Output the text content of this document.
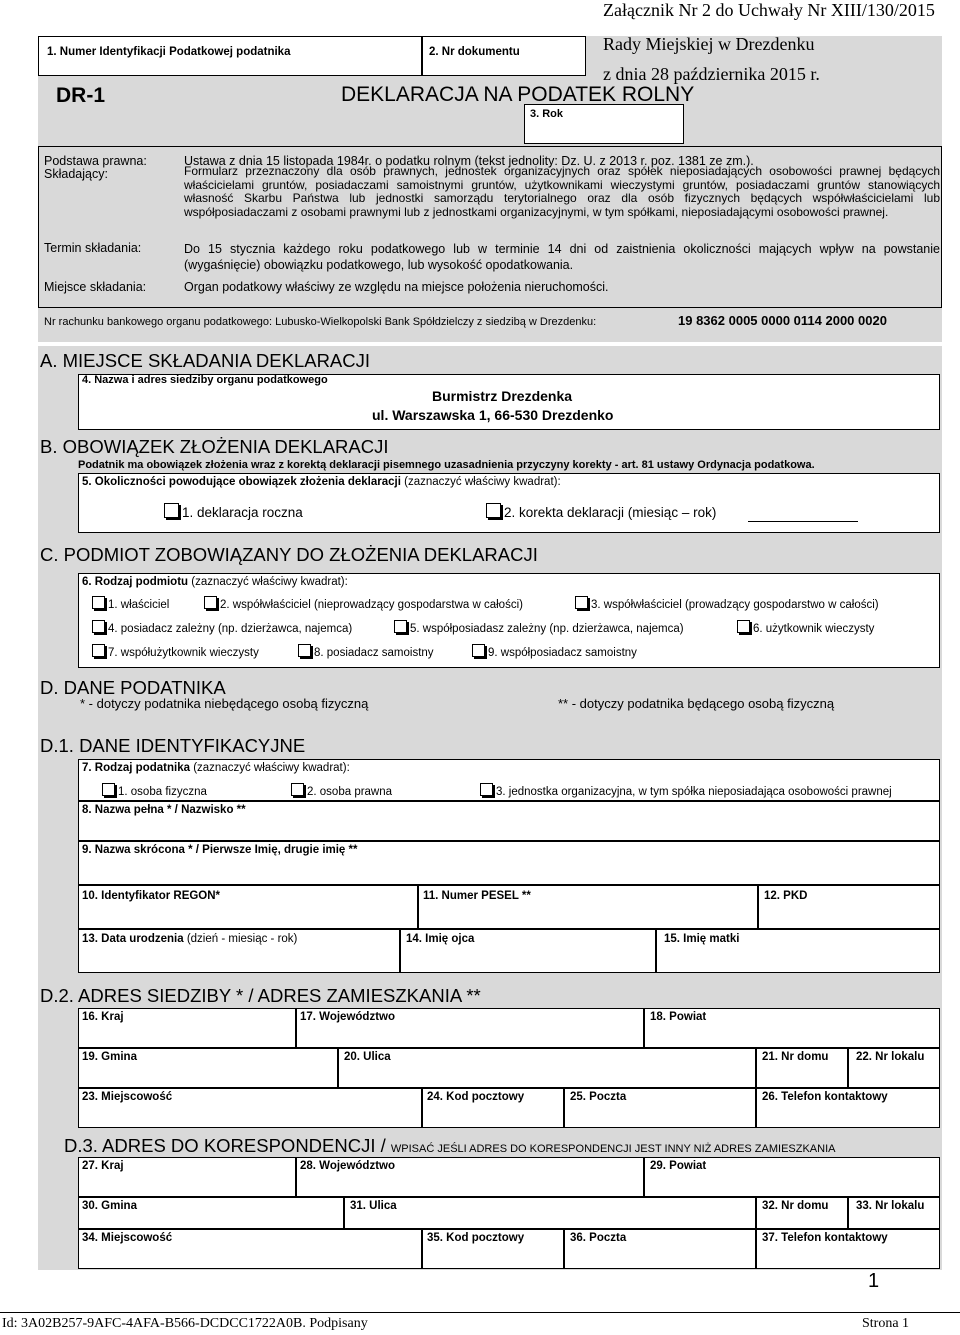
1. Numer Identyfikacji Podatkowej podatnika	2. Nr dokumentu
3. Rok
Załącznik Nr 2 do Uchwały Nr XIII/130/2015
Rady Miejskiej w Drezdenku
z dnia 28 października 2015 r.
DR-1	DEKLARACJA NA PODATEK ROLNY
Podstawa prawna:	Ustawa z dnia 15 listopada 1984r. o podatku rolnym (tekst jednolity: Dz. U. z 2013 r. poz. 1381 ze zm.).
Składający:	Formularz przeznaczony dla osób prawnych, jednostek organizacyjnych oraz spółek nieposiadających osobowości prawnej będących właścicielami gruntów, posiadaczami samoistnymi gruntów, użytkownikami wieczystymi gruntów, posiadaczami gruntów stanowiących własność Skarbu Państwa lub jednostki samorządu terytorialnego oraz dla osób fizycznych będących współwłaścicielami lub współposiadaczami z osobami prawnymi lub z jednostkami organizacyjnymi, w tym spółkami, nieposiadającymi osobowości prawnej.
Termin składania:	Do 15 stycznia każdego roku podatkowego lub w terminie 14 dni od zaistnienia okoliczności mających wpływ na powstanie (wygaśnięcie) obowiązku podatkowego, lub wysokość opodatkowania.
Miejsce składania:	Organ podatkowy właściwy ze względu na miejsce położenia nieruchomości.
Nr rachunku bankowego organu podatkowego: Lubusko-Wielkopolski Bank Spółdzielczy z siedzibą w Drezdenku:	19 8362 0005 0000 0114 2000 0020
A. MIEJSCE SKŁADANIA DEKLARACJI
4. Nazwa i adres siedziby organu podatkowego
Burmistrz Drezdenka
ul. Warszawska 1, 66-530 Drezdenko
B. OBOWIĄZEK ZŁOŻENIA DEKLARACJI
Podatnik ma obowiązek złożenia wraz z korektą deklaracji pisemnego uzasadnienia przyczyny korekty - art. 81 ustawy Ordynacja podatkowa.
5. Okoliczności powodujące obowiązek złożenia deklaracji (zaznaczyć właściwy kwadrat):
1. deklaracja roczna	2. korekta deklaracji (miesiąc – rok)
C. PODMIOT ZOBOWIĄZANY DO ZŁOŻENIA DEKLARACJI
6. Rodzaj podmiotu (zaznaczyć właściwy kwadrat):
1. właściciel	2. współwłaściciel (nieprowadzący gospodarstwa w całości)	3. współwłaściciel (prowadzący gospodarstwo w całości)
4. posiadacz zależny (np. dzierżawca, najemca)	5. współposiadasz zależny (np. dzierżawca, najemca)	6. użytkownik wieczysty
7. współużytkownik wieczysty	8. posiadacz samoistny	9. współposiadacz samoistny
D. DANE PODATNIKA
* - dotyczy podatnika niebędącego osobą fizyczną	** - dotyczy podatnika będącego osobą fizyczną
D.1. DANE IDENTYFIKACYJNE
7. Rodzaj podatnika (zaznaczyć właściwy kwadrat):
1. osoba fizyczna	2. osoba prawna	3. jednostka organizacyjna, w tym spółka nieposiadająca osobowości prawnej
8. Nazwa pełna * / Nazwisko **
9. Nazwa skrócona * / Pierwsze Imię, drugie imię **
10. Identyfikator REGON*	11. Numer PESEL **	12. PKD
13. Data urodzenia (dzień - miesiąc - rok)	14. Imię ojca	15. Imię matki
D.2. ADRES SIEDZIBY * / ADRES ZAMIESZKANIA **
16. Kraj	17. Województwo	18. Powiat
19. Gmina	20. Ulica	21. Nr domu 22. Nr lokalu
23. Miejscowość	24. Kod pocztowy	25. Poczta	26. Telefon kontaktowy
D.3. ADRES DO KORESPONDENCJI / WPISAĆ JEŚLI ADRES DO KORESPONDENCJI JEST INNY NIŻ ADRES ZAMIESZKANIA
27. Kraj	28. Województwo	29. Powiat
30. Gmina	31. Ulica	32. Nr domu 33. Nr lokalu
34. Miejscowość	35. Kod pocztowy	36. Poczta	37. Telefon kontaktowy
1
Id: 3A02B257-9AFC-4AFA-B566-DCDCC1722A0B. Podpisany	Strona 1
